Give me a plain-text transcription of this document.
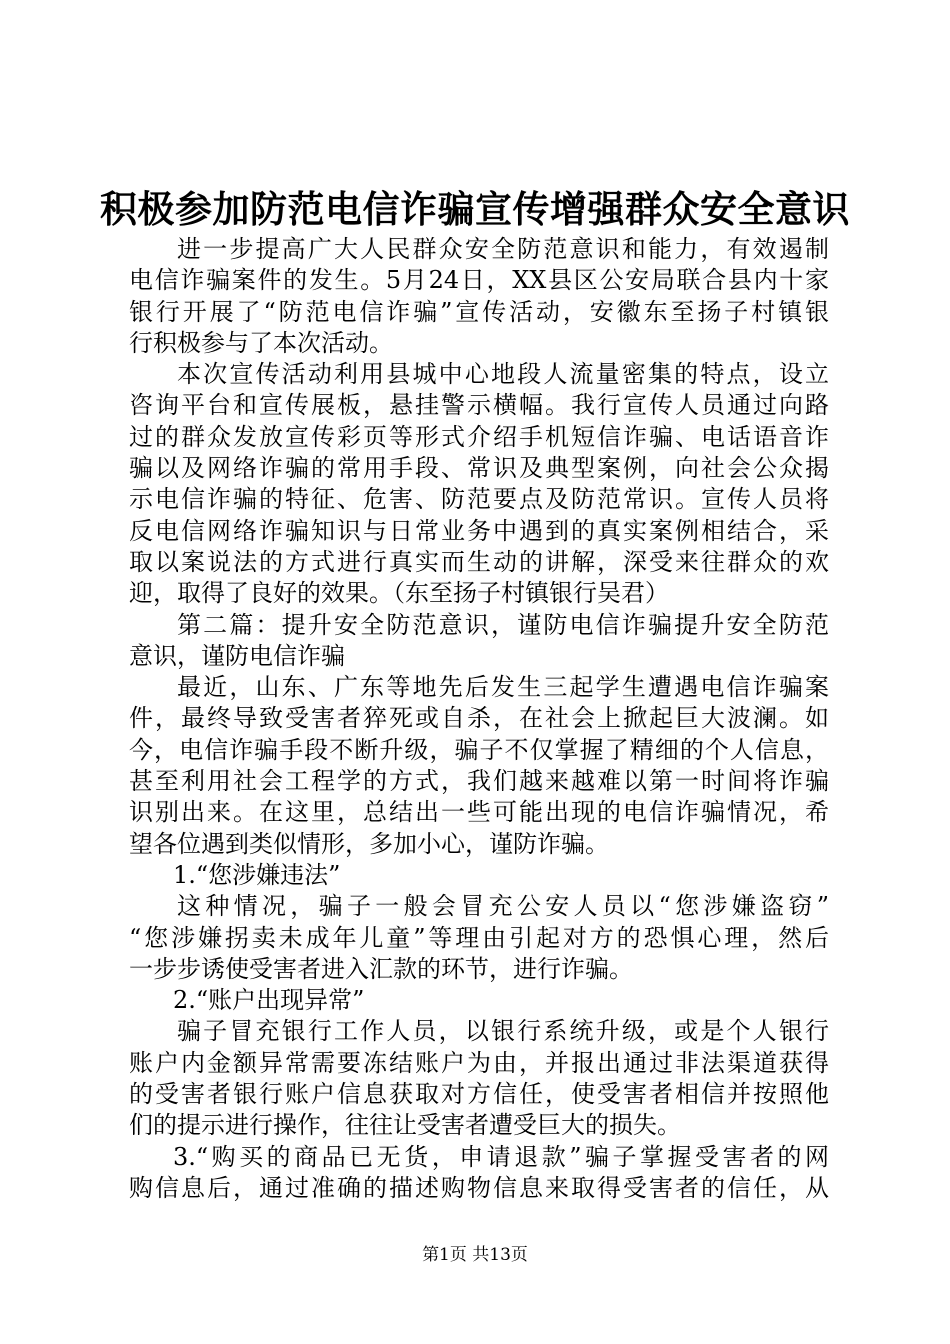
积极参加防范电信诈骗宣传增强群众安全意识
进一步提高广大人民群众安全防范意识和能力，有效遏制
电信诈骗案件的发生。5月24日，XX县区公安局联合县内十家
银行开展了“防范电信诈骗”宣传活动，安徽东至扬子村镇银
行积极参与了本次活动。
本次宣传活动利用县城中心地段人流量密集的特点，设立
咨询平台和宣传展板，悬挂警示横幅。我行宣传人员通过向路
过的群众发放宣传彩页等形式介绍手机短信诈骗、电话语音诈
骗以及网络诈骗的常用手段、常识及典型案例，向社会公众揭
示电信诈骗的特征、危害、防范要点及防范常识。宣传人员将
反电信网络诈骗知识与日常业务中遇到的真实案例相结合，采
取以案说法的方式进行真实而生动的讲解，深受来往群众的欢
迎，取得了良好的效果。（东至扬子村镇银行吴君）
第二篇：提升安全防范意识，谨防电信诈骗提升安全防范
意识，谨防电信诈骗
最近，山东、广东等地先后发生三起学生遭遇电信诈骗案
件，最终导致受害者猝死或自杀，在社会上掀起巨大波澜。如
今，电信诈骗手段不断升级，骗子不仅掌握了精细的个人信息，
甚至利用社会工程学的方式，我们越来越难以第一时间将诈骗
识别出来。在这里，总结出一些可能出现的电信诈骗情况，希
望各位遇到类似情形，多加小心，谨防诈骗。
1.“您涉嫌违法”
这种情况，骗子一般会冒充公安人员以“您涉嫌盗窃”
“您涉嫌拐卖未成年儿童”等理由引起对方的恐惧心理，然后
一步步诱使受害者进入汇款的环节，进行诈骗。
2.“账户出现异常”
骗子冒充银行工作人员，以银行系统升级，或是个人银行
账户内金额异常需要冻结账户为由，并报出通过非法渠道获得
的受害者银行账户信息获取对方信任，使受害者相信并按照他
们的提示进行操作，往往让受害者遭受巨大的损失。
3.“购买的商品已无货，申请退款”骗子掌握受害者的网
购信息后，通过准确的描述购物信息来取得受害者的信任，从
第1页 共13页
